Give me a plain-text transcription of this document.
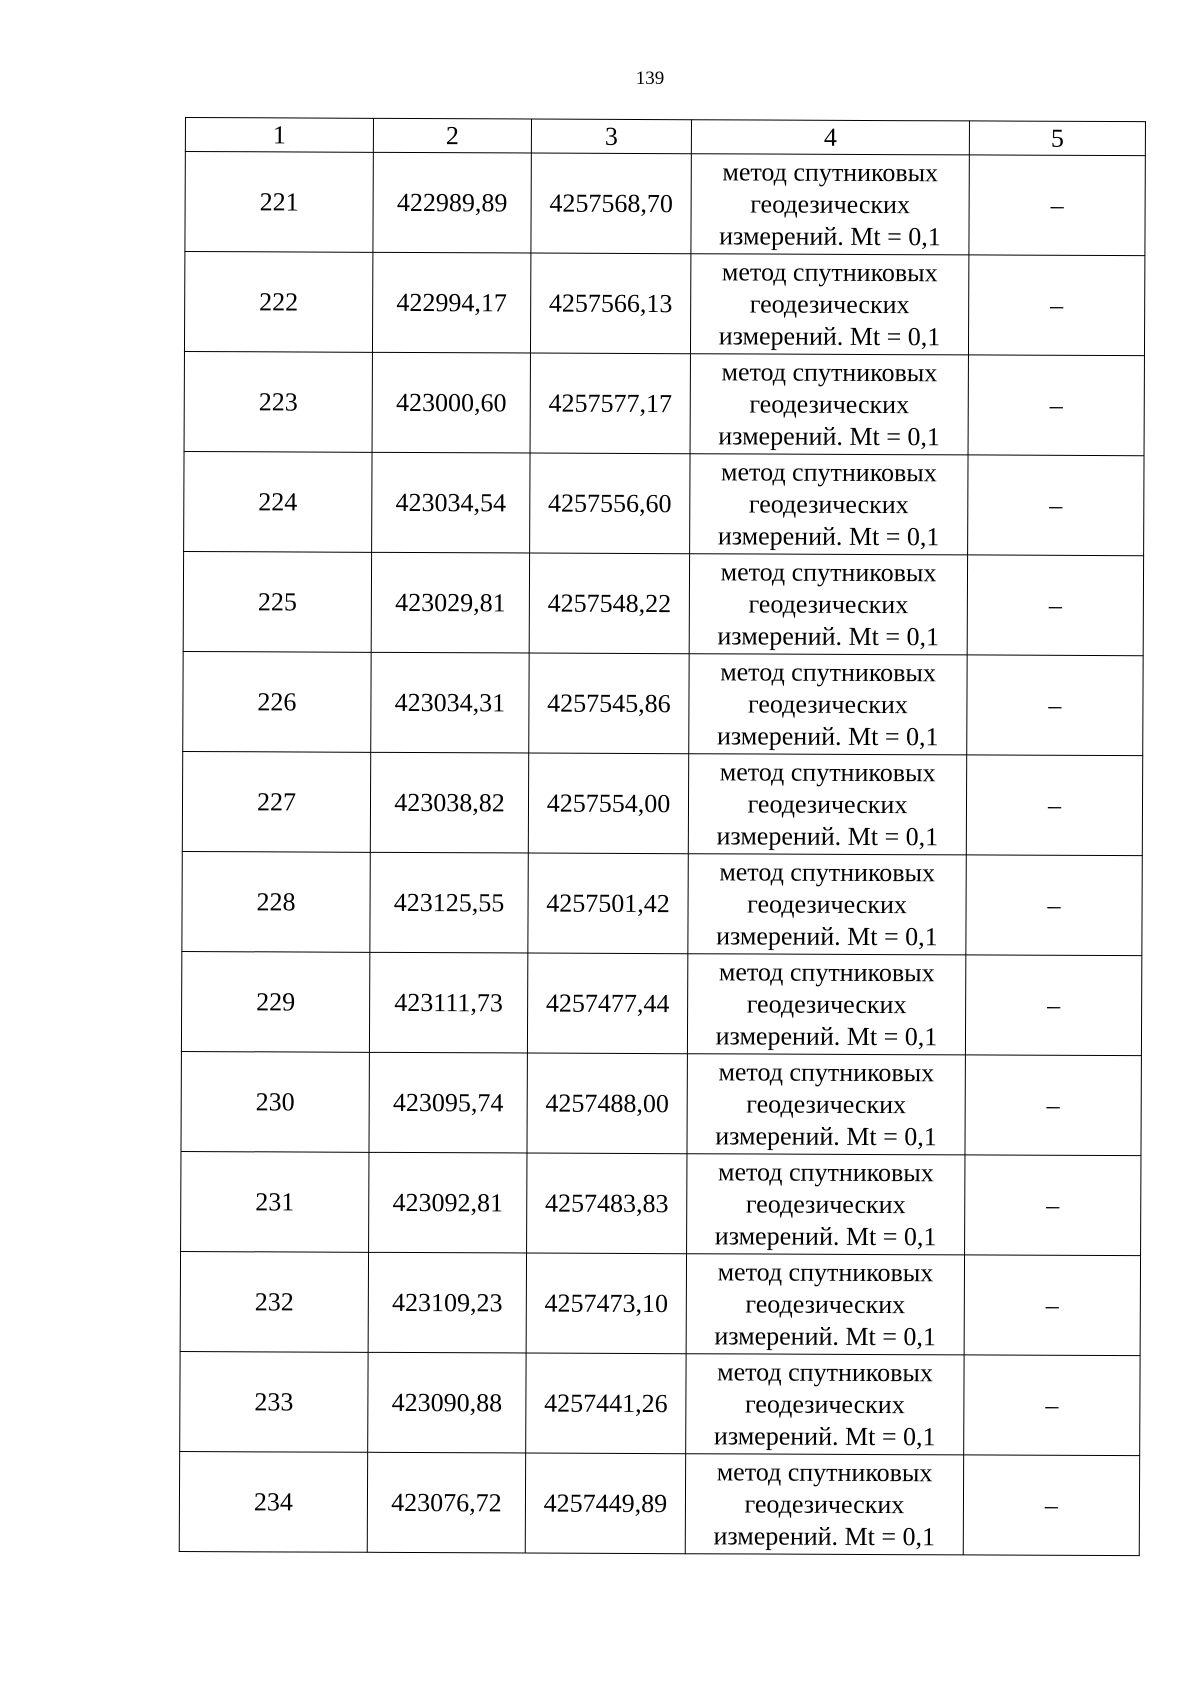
139
1	2	3	4	5
221	422989,89	4257568,70	метод спутниковых
геодезических
измерений. Mt = 0,1	–
222	422994,17	4257566,13	метод спутниковых
геодезических
измерений. Mt = 0,1	–
223	423000,60	4257577,17	метод спутниковых
геодезических
измерений. Mt = 0,1	–
224	423034,54	4257556,60	метод спутниковых
геодезических
измерений. Mt = 0,1	–
225	423029,81	4257548,22	метод спутниковых
геодезических
измерений. Mt = 0,1	–
226	423034,31	4257545,86	метод спутниковых
геодезических
измерений. Mt = 0,1	–
227	423038,82	4257554,00	метод спутниковых
геодезических
измерений. Mt = 0,1	–
228	423125,55	4257501,42	метод спутниковых
геодезических
измерений. Mt = 0,1	–
229	423111,73	4257477,44	метод спутниковых
геодезических
измерений. Mt = 0,1	–
230	423095,74	4257488,00	метод спутниковых
геодезических
измерений. Mt = 0,1	–
231	423092,81	4257483,83	метод спутниковых
геодезических
измерений. Mt = 0,1	–
232	423109,23	4257473,10	метод спутниковых
геодезических
измерений. Mt = 0,1	–
233	423090,88	4257441,26	метод спутниковых
геодезических
измерений. Mt = 0,1	–
234	423076,72	4257449,89	метод спутниковых
геодезических
измерений. Mt = 0,1	–
